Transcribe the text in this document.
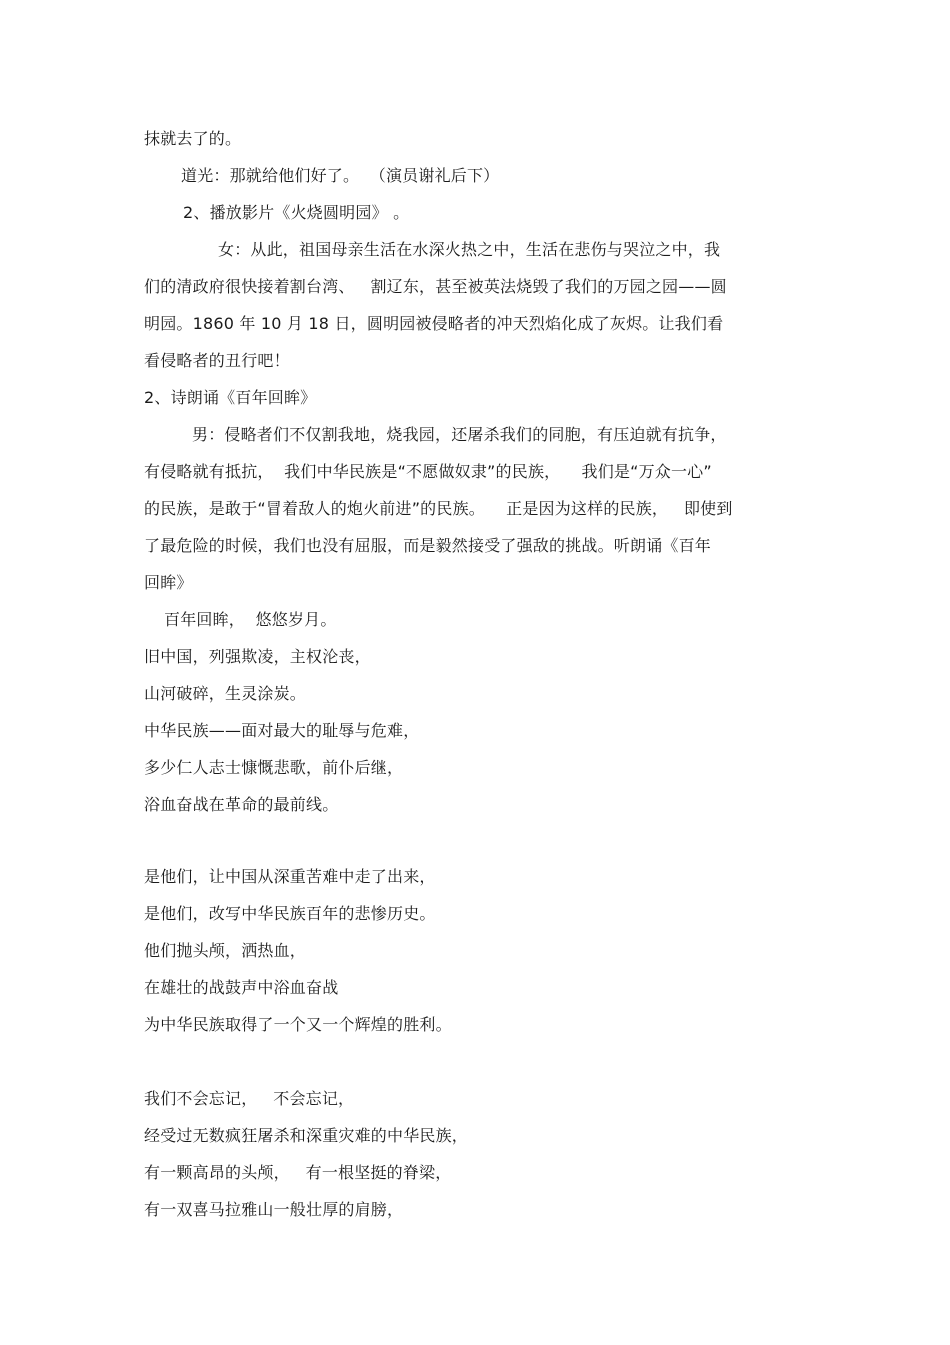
抹就去了的。
道光：那就给他们好了。  （演员谢礼后下）
2、播放影片《火烧圆明园》 。
女：从此，祖国母亲生活在水深火热之中，生活在悲伤与哭泣之中，我
们的清政府很快接着割台湾、   割辽东，甚至被英法烧毁了我们的万园之园——圆
明园。1860 年 10 月 18 日，圆明园被侵略者的冲天烈焰化成了灰烬。让我们看
看侵略者的丑行吧！
2、诗朗诵《百年回眸》
男：侵略者们不仅割我地，烧我园，还屠杀我们的同胞，有压迫就有抗争，
有侵略就有抵抗，  我们中华民族是“不愿做奴隶”的民族，    我们是“万众一心”
的民族，是敢于“冒着敌人的炮火前进”的民族。    正是因为这样的民族，   即使到
了最危险的时候，我们也没有屈服，而是毅然接受了强敌的挑战。听朗诵《百年
回眸》
百年回眸，  悠悠岁月。
旧中国，列强欺凌，主权沦丧，
山河破碎，生灵涂炭。
中华民族——面对最大的耻辱与危难，
多少仁人志士慷慨悲歌，前仆后继，
浴血奋战在革命的最前线。
是他们，让中国从深重苦难中走了出来，
是他们，改写中华民族百年的悲惨历史。
他们抛头颅，洒热血，
在雄壮的战鼓声中浴血奋战
为中华民族取得了一个又一个辉煌的胜利。
我们不会忘记，   不会忘记，
经受过无数疯狂屠杀和深重灾难的中华民族，
有一颗高昂的头颅，   有一根坚挺的脊梁，
有一双喜马拉雅山一般壮厚的肩膀，
